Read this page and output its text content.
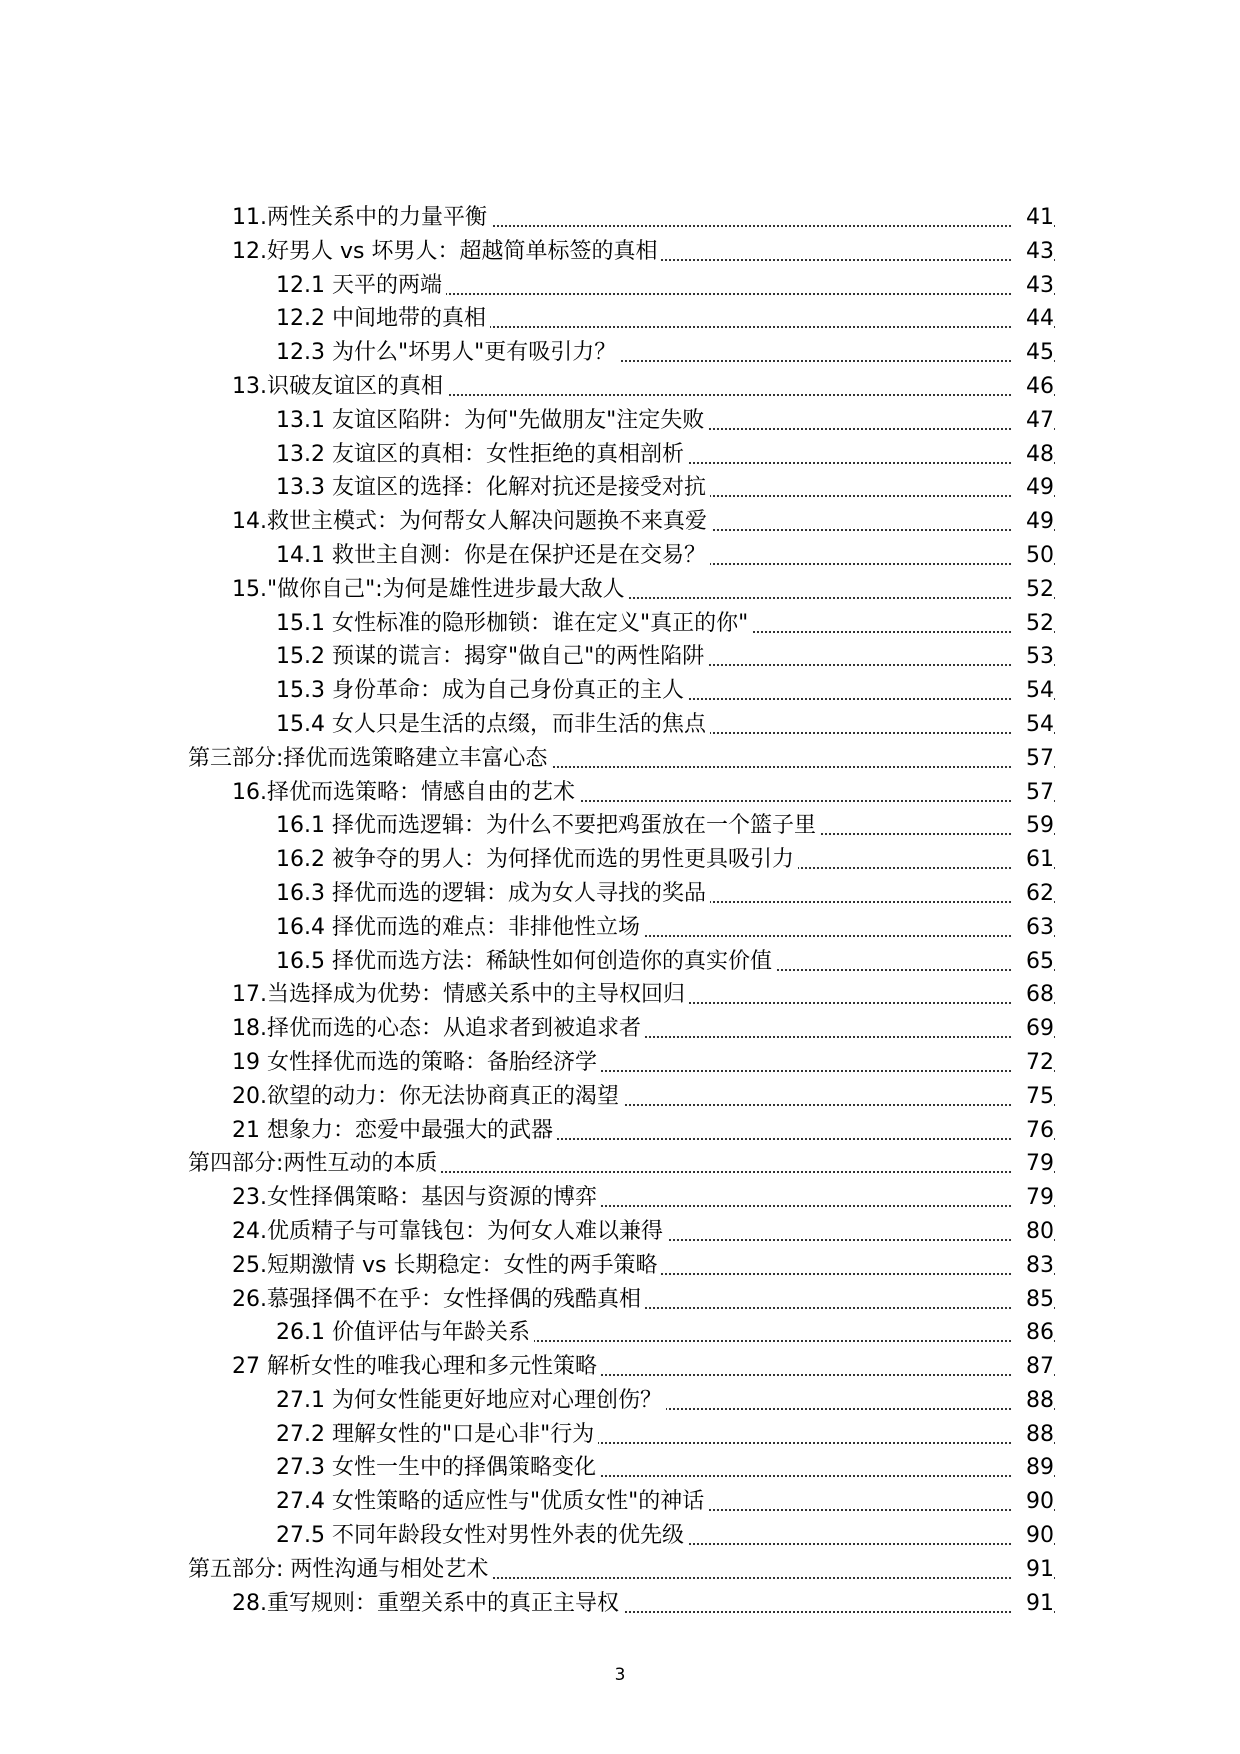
11.两性关系中的力量平衡	41
12.好男人 vs 坏男人：超越简单标签的真相	43
12.1 天平的两端	43
12.2 中间地带的真相	44
12.3 为什么"坏男人"更有吸引力？	45
13.识破友谊区的真相	46
13.1 友谊区陷阱：为何"先做朋友"注定失败	47
13.2 友谊区的真相：女性拒绝的真相剖析	48
13.3 友谊区的选择：化解对抗还是接受对抗	49
14.救世主模式：为何帮女人解决问题换不来真爱	49
14.1 救世主自测：你是在保护还是在交易？	50
15."做你自己":为何是雄性进步最大敌人	52
15.1 女性标准的隐形枷锁：谁在定义"真正的你"	52
15.2 预谋的谎言：揭穿"做自己"的两性陷阱	53
15.3 身份革命：成为自己身份真正的主人	54
15.4 女人只是生活的点缀，而非生活的焦点	54
第三部分:择优而选策略建立丰富心态	57
16.择优而选策略：情感自由的艺术	57
16.1 择优而选逻辑：为什么不要把鸡蛋放在一个篮子里	59
16.2 被争夺的男人：为何择优而选的男性更具吸引力	61
16.3 择优而选的逻辑：成为女人寻找的奖品	62
16.4 择优而选的难点：非排他性立场	63
16.5 择优而选方法：稀缺性如何创造你的真实价值	65
17.当选择成为优势：情感关系中的主导权回归	68
18.择优而选的心态：从追求者到被追求者	69
19 女性择优而选的策略：备胎经济学	72
20.欲望的动力：你无法协商真正的渴望	75
21 想象力：恋爱中最强大的武器	76
第四部分:两性互动的本质	79
23.女性择偶策略：基因与资源的博弈	79
24.优质精子与可靠钱包：为何女人难以兼得	80
25.短期激情 vs 长期稳定：女性的两手策略	83
26.慕强择偶不在乎：女性择偶的残酷真相	85
26.1 价值评估与年龄关系	86
27 解析女性的唯我心理和多元性策略	87
27.1 为何女性能更好地应对心理创伤？	88
27.2 理解女性的"口是心非"行为	88
27.3 女性一生中的择偶策略变化	89
27.4 女性策略的适应性与"优质女性"的神话	90
27.5 不同年龄段女性对男性外表的优先级	90
第五部分: 两性沟通与相处艺术	91
28.重写规则：重塑关系中的真正主导权	91
3
